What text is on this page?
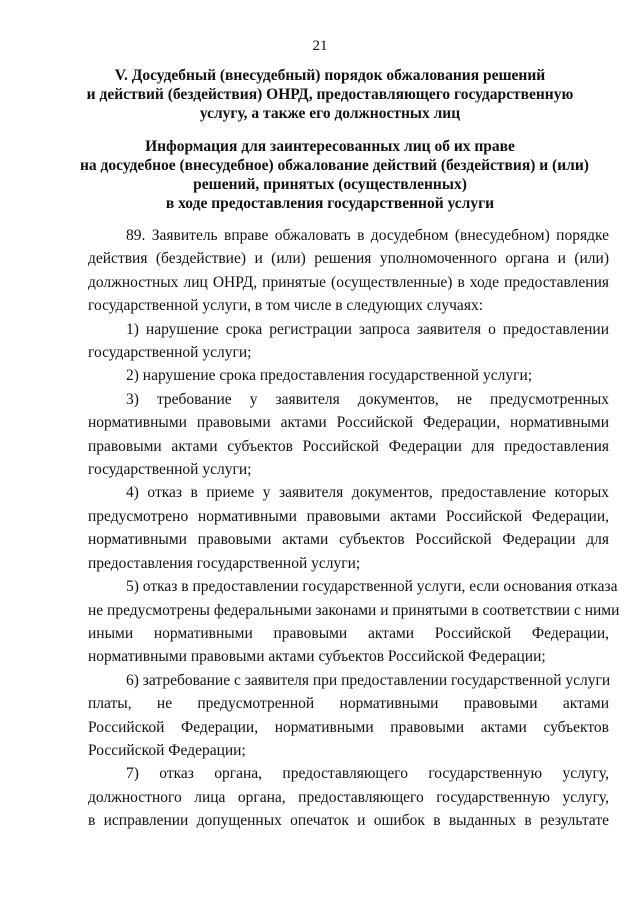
21
V. Досудебный (внесудебный) порядок обжалования решений
и действий (бездействия) ОНРД, предоставляющего государственную
услугу, а также его должностных лиц
Информация для заинтересованных лиц об их праве
на досудебное (внесудебное) обжалование действий (бездействия) и (или)
решений, принятых (осуществленных)
в ходе предоставления государственной услуги
89. Заявитель вправе обжаловать в досудебном (внесудебном) порядке
действия (бездействие) и (или) решения уполномоченного органа и (или)
должностных лиц ОНРД, принятые (осуществленные) в ходе предоставления
государственной услуги, в том числе в следующих случаях:
1) нарушение срока регистрации запроса заявителя о предоставлении
государственной услуги;
2) нарушение срока предоставления государственной услуги;
3) требование у заявителя документов, не предусмотренных
нормативными правовыми актами Российской Федерации, нормативными
правовыми актами субъектов Российской Федерации для предоставления
государственной услуги;
4) отказ в приеме у заявителя документов, предоставление которых
предусмотрено нормативными правовыми актами Российской Федерации,
нормативными правовыми актами субъектов Российской Федерации для
предоставления государственной услуги;
5) отказ в предоставлении государственной услуги, если основания отказа
не предусмотрены федеральными законами и принятыми в соответствии с ними
иными нормативными правовыми актами Российской Федерации,
нормативными правовыми актами субъектов Российской Федерации;
6) затребование с заявителя при предоставлении государственной услуги
платы, не предусмотренной нормативными правовыми актами
Российской Федерации, нормативными правовыми актами субъектов
Российской Федерации;
7) отказ органа, предоставляющего государственную услугу,
должностного лица органа, предоставляющего государственную услугу,
в исправлении допущенных опечаток и ошибок в выданных в результате
